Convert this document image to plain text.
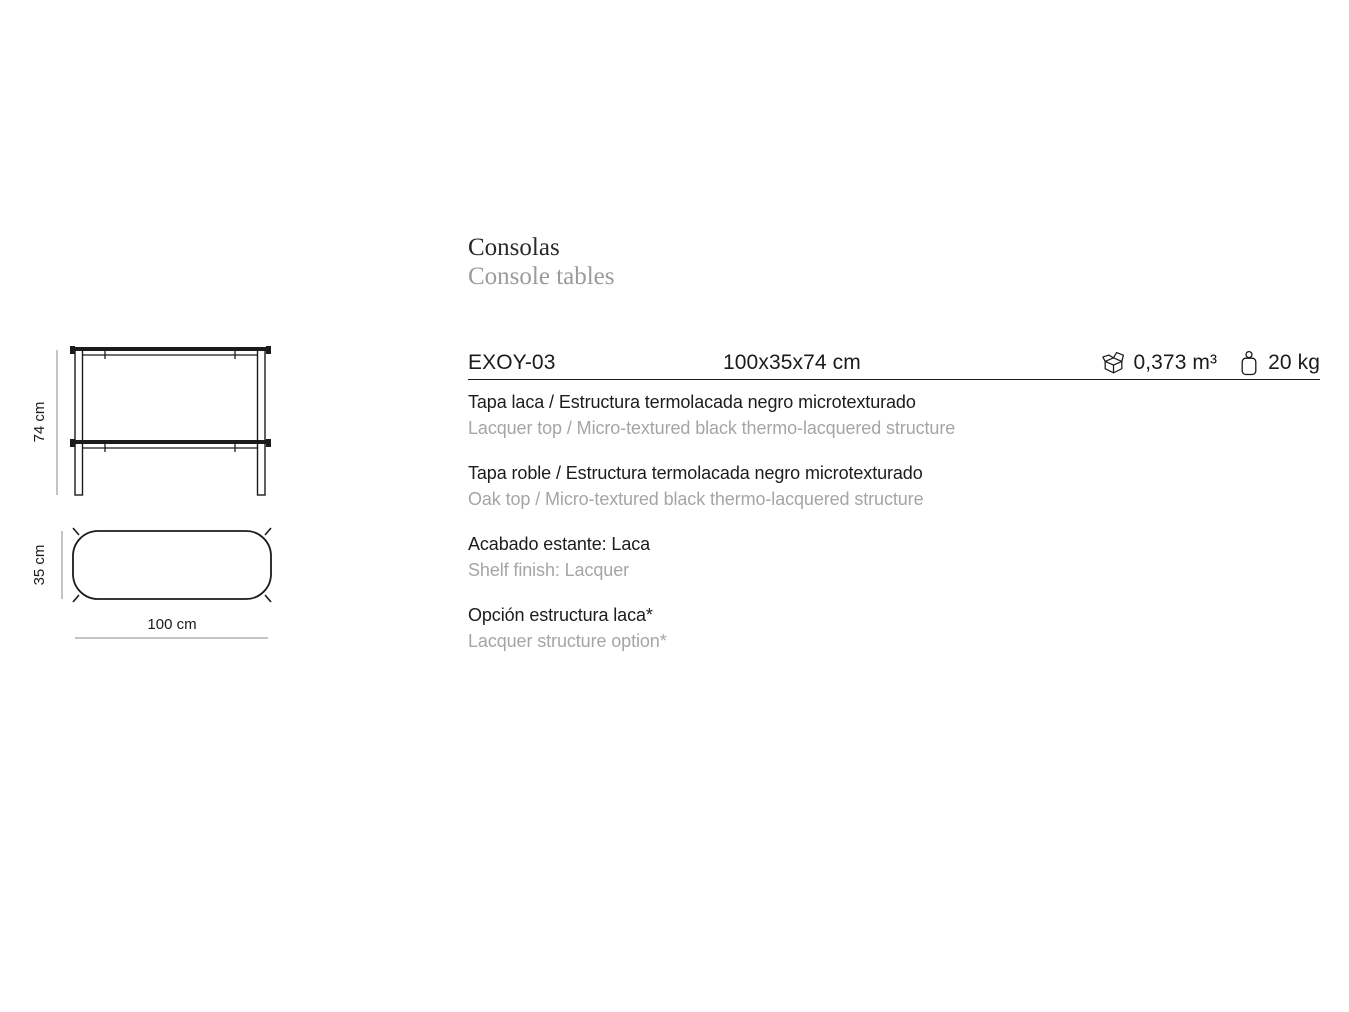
74 cm
35 cm
100 cm
Consolas
Console tables
EXOY-03	100x35x74 cm	0,373 m³ 20 kg
Tapa laca / Estructura termolacada negro microtexturado
Lacquer top / Micro-textured black thermo-lacquered structure
Tapa roble / Estructura termolacada negro microtexturado
Oak top / Micro-textured black thermo-lacquered structure
Acabado estante: Laca
Shelf finish: Lacquer
Opción estructura laca*
Lacquer structure option*
